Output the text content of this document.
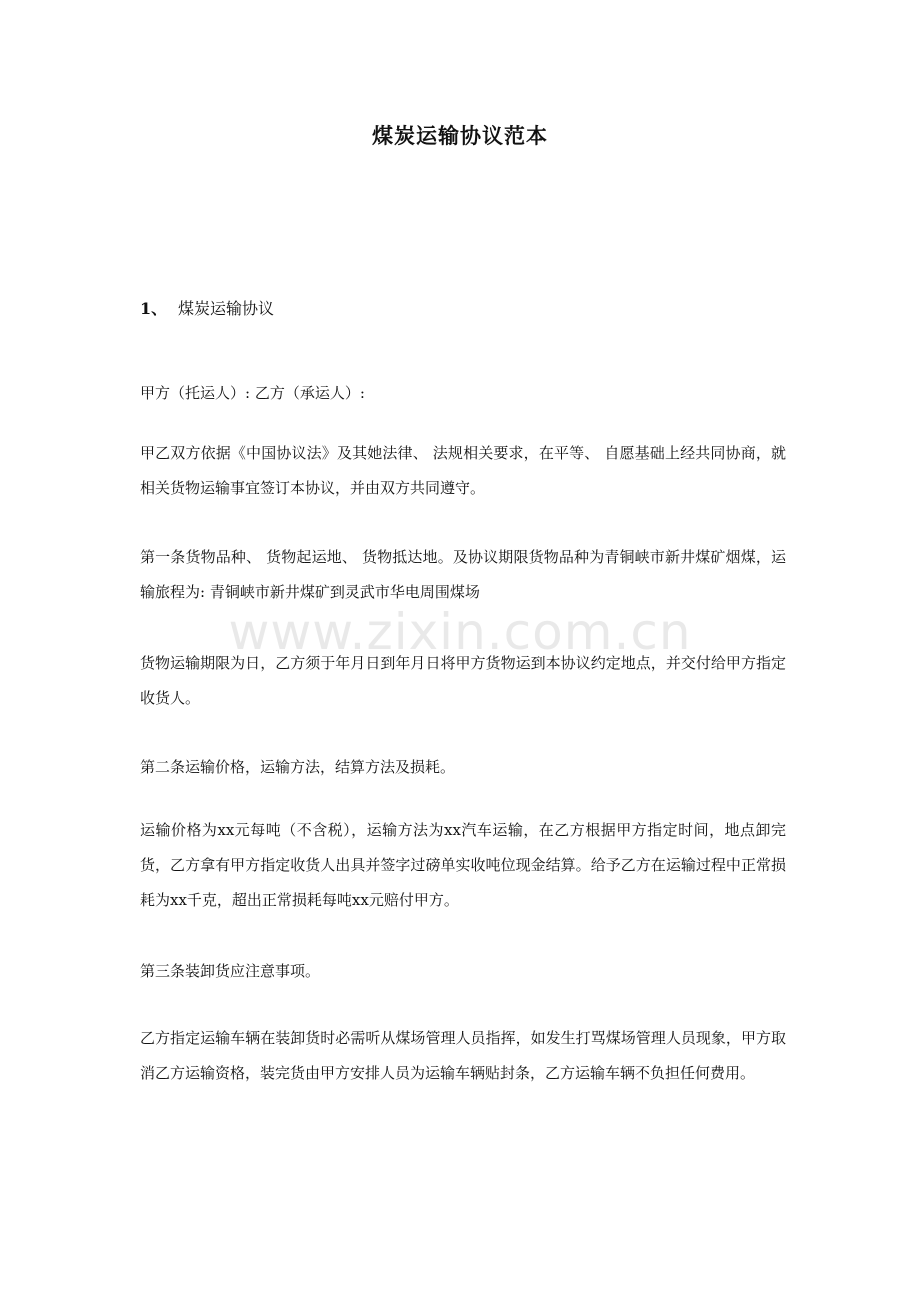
煤炭运输协议范本
1、 煤炭运输协议
甲方（托运人）: 乙方（承运人）:
甲乙双方依据《中国协议法》及其她法律、 法规相关要求，在平等、 自愿基础上经共同协商，就相关货物运输事宜签订本协议，并由双方共同遵守。
第一条货物品种、 货物起运地、 货物抵达地。及协议期限货物品种为青铜峡市新井煤矿烟煤，运输旅程为: 青铜峡市新井煤矿到灵武市华电周围煤场
货物运输期限为日，乙方须于年月日到年月日将甲方货物运到本协议约定地点，并交付给甲方指定收货人。
第二条运输价格，运输方法，结算方法及损耗。
运输价格为xx元每吨（不含税），运输方法为xx汽车运输，在乙方根据甲方指定时间，地点卸完货，乙方拿有甲方指定收货人出具并签字过磅单实收吨位现金结算。给予乙方在运输过程中正常损耗为xx千克，超出正常损耗每吨xx元赔付甲方。
第三条装卸货应注意事项。
乙方指定运输车辆在装卸货时必需听从煤场管理人员指挥，如发生打骂煤场管理人员现象，甲方取消乙方运输资格，装完货由甲方安排人员为运输车辆贴封条，乙方运输车辆不负担任何费用。
www.zixin.com.cn
